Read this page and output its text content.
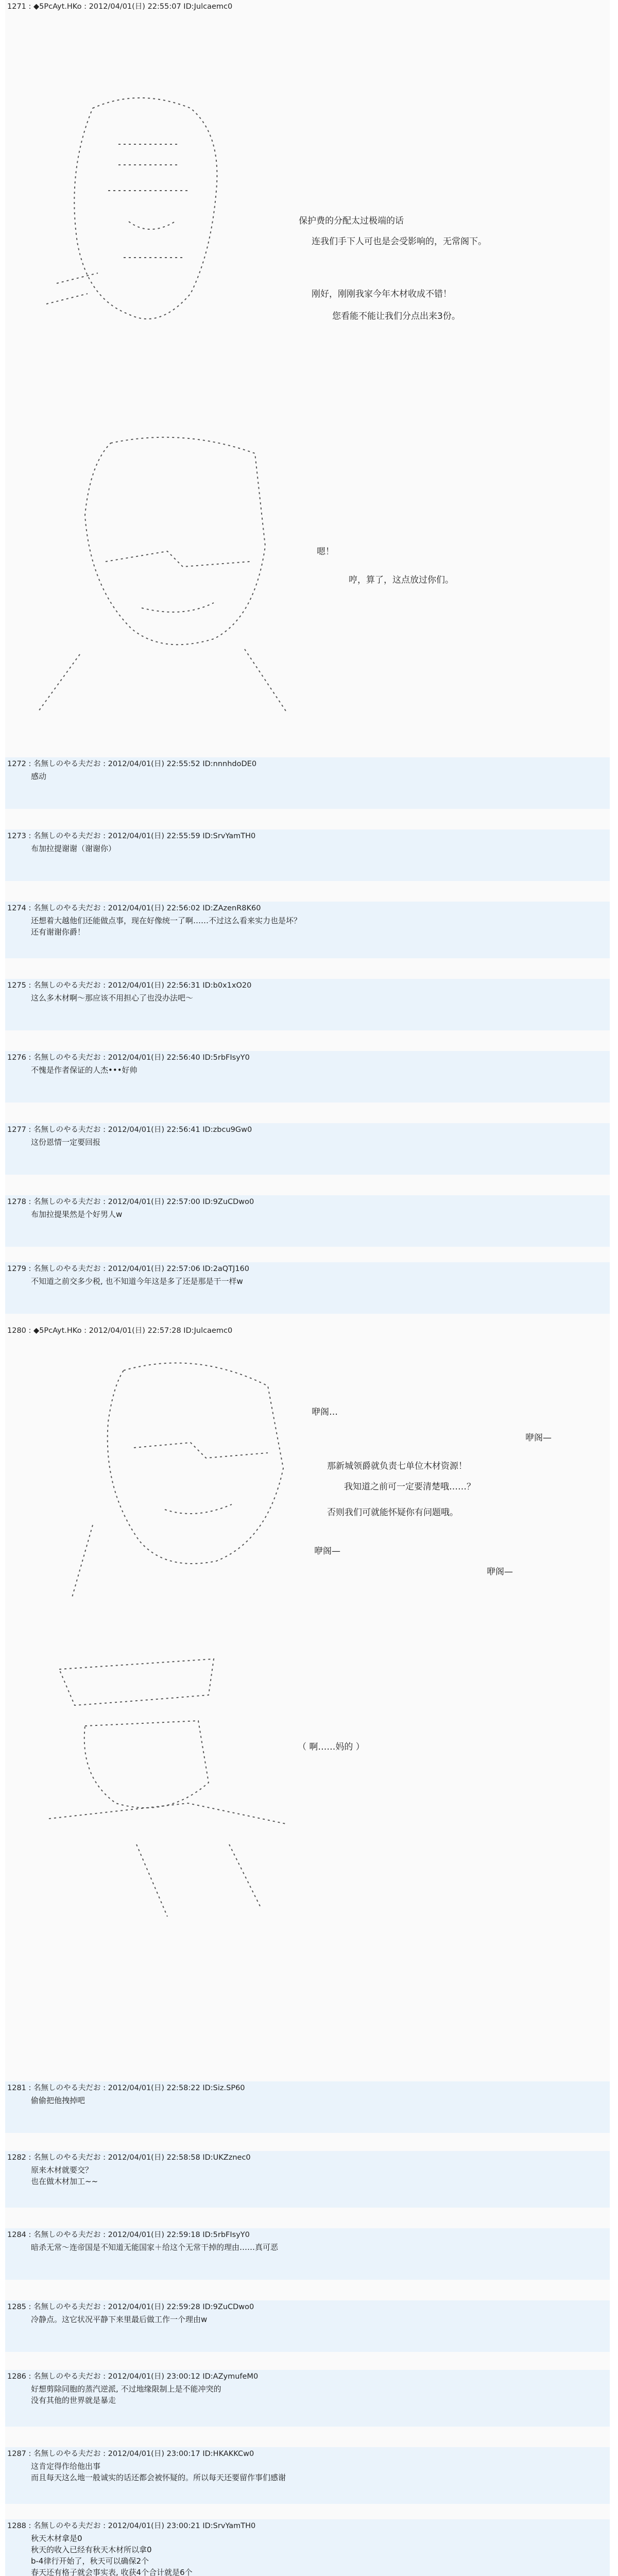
1271 : ◆5PcAyt.HKo : 2012/04/01(日) 22:55:07 ID:Julcaemc0
保护费的分配太过极端的话
连我们手下人可也是会受影响的，无常阁下。
刚好，刚刚我家今年木材收成不错！
您看能不能让我们分点出来3份。
嗯！
哼，算了，这点放过你们。
1272 : 名無しのやる夫だお : 2012/04/01(日) 22:55:52 ID:nnnhdoDE0
感动
1273 : 名無しのやる夫だお : 2012/04/01(日) 22:55:59 ID:SrvYamTH0
布加拉提谢谢（谢谢你）
1274 : 名無しのやる夫だお : 2012/04/01(日) 22:56:02 ID:ZAzenR8K60
还想着大越他们还能做点事，现在好像统一了啊……不过这么看来实力也是坏？
还有谢谢你爵！
1275 : 名無しのやる夫だお : 2012/04/01(日) 22:56:31 ID:b0x1xO20
这么多木材啊～那应该不用担心了也没办法吧～
1276 : 名無しのやる夫だお : 2012/04/01(日) 22:56:40 ID:5rbFIsyY0
不愧是作者保证的人杰•••好帅
1277 : 名無しのやる夫だお : 2012/04/01(日) 22:56:41 ID:zbcu9Gw0
这份恩情一定要回报
1278 : 名無しのやる夫だお : 2012/04/01(日) 22:57:00 ID:9ZuCDwo0
布加拉提果然是个好男人w
1279 : 名無しのやる夫だお : 2012/04/01(日) 22:57:06 ID:2aQTJ160
不知道之前交多少税, 也不知道今年这是多了还是那是干一样w
1280 : ◆5PcAyt.HKo : 2012/04/01(日) 22:57:28 ID:Julcaemc0
咿阁…
咿阁—
那新城领爵就负责七单位木材资源！
我知道之前可一定要清楚哦……？
否则我们可就能怀疑你有问题哦。
咿阁—
咿阁—
（ 啊……妈的 ）
1281 : 名無しのやる夫だお : 2012/04/01(日) 22:58:22 ID:Siz.SP60
偷偷把他拽掉吧
1282 : 名無しのやる夫だお : 2012/04/01(日) 22:58:58 ID:UKZznec0
原来木材就要交？
也在做木材加工~~
1284 : 名無しのやる夫だお : 2012/04/01(日) 22:59:18 ID:5rbFIsyY0
暗杀无常〜连帝国是不知道无能国家＋给这个无常干掉的理由……真可恶
1285 : 名無しのやる夫だお : 2012/04/01(日) 22:59:28 ID:9ZuCDwo0
冷静点。这它状况平静下来里最后做工作一个理由w
1286 : 名無しのやる夫だお : 2012/04/01(日) 23:00:12 ID:AZymufeM0
好想剪除同胞的蒸汽逆派, 不过地缘限制上是不能冲突的
没有其他的世界就是暴走
1287 : 名無しのやる夫だお : 2012/04/01(日) 23:00:17 ID:HKAKKCw0
这肯定得作给他出事
而且每天这么地一般诚实的话还都会被怀疑的。所以每天还要留作事们感谢
1288 : 名無しのやる夫だお : 2012/04/01(日) 23:00:21 ID:SrvYamTH0
秋天木材拿是0
秋天的收入已经有秋天木材所以拿0
b-4律行开始了，秋天可以确保2个
春天还有格子就会事实表, 收获4个合计就是6个
